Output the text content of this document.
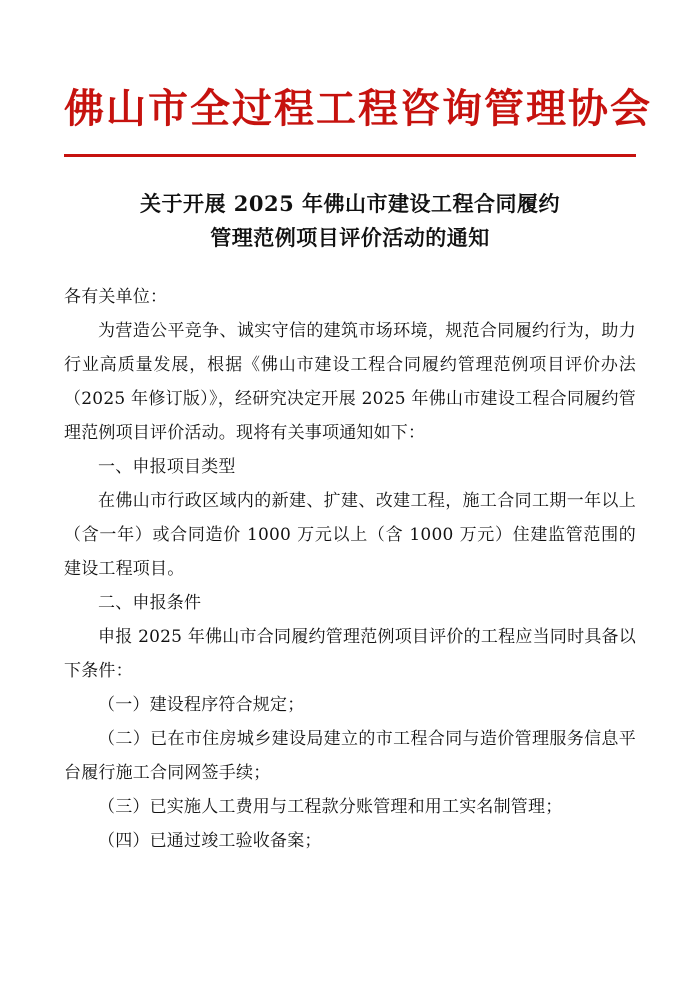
佛山市全过程工程咨询管理协会
关于开展 2025 年佛山市建设工程合同履约
管理范例项目评价活动的通知

各有关单位：

为营造公平竞争、诚实守信的建筑市场环境，规范合同履约行为，助力行业高质量发展，根据《佛山市建设工程合同履约管理范例项目评价办法（2025 年修订版）》，经研究决定开展 2025 年佛山市建设工程合同履约管理范例项目评价活动。现将有关事项通知如下：

一、申报项目类型

在佛山市行政区域内的新建、扩建、改建工程，施工合同工期一年以上（含一年）或合同造价 1000 万元以上（含 1000 万元）住建监管范围的建设工程项目。

二、申报条件

申报 2025 年佛山市合同履约管理范例项目评价的工程应当同时具备以下条件：

（一）建设程序符合规定；

（二）已在市住房城乡建设局建立的市工程合同与造价管理服务信息平台履行施工合同网签手续；

（三）已实施人工费用与工程款分账管理和用工实名制管理；

（四）已通过竣工验收备案；
